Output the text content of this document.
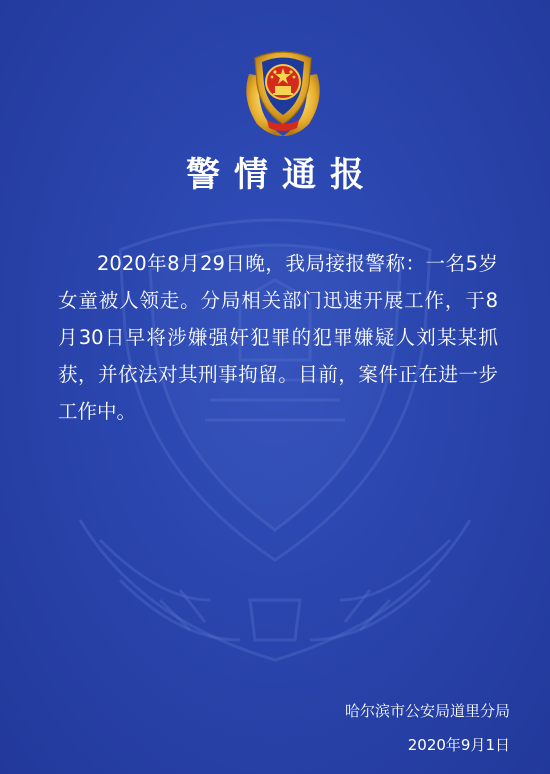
警情通报
2020年8月29日晚，我局接报警称：一名5岁女童被人领走。分局相关部门迅速开展工作，于8月30日早将涉嫌强奸犯罪的犯罪嫌疑人刘某某抓获，并依法对其刑事拘留。目前，案件正在进一步工作中。
哈尔滨市公安局道里分局
2020年9月1日
